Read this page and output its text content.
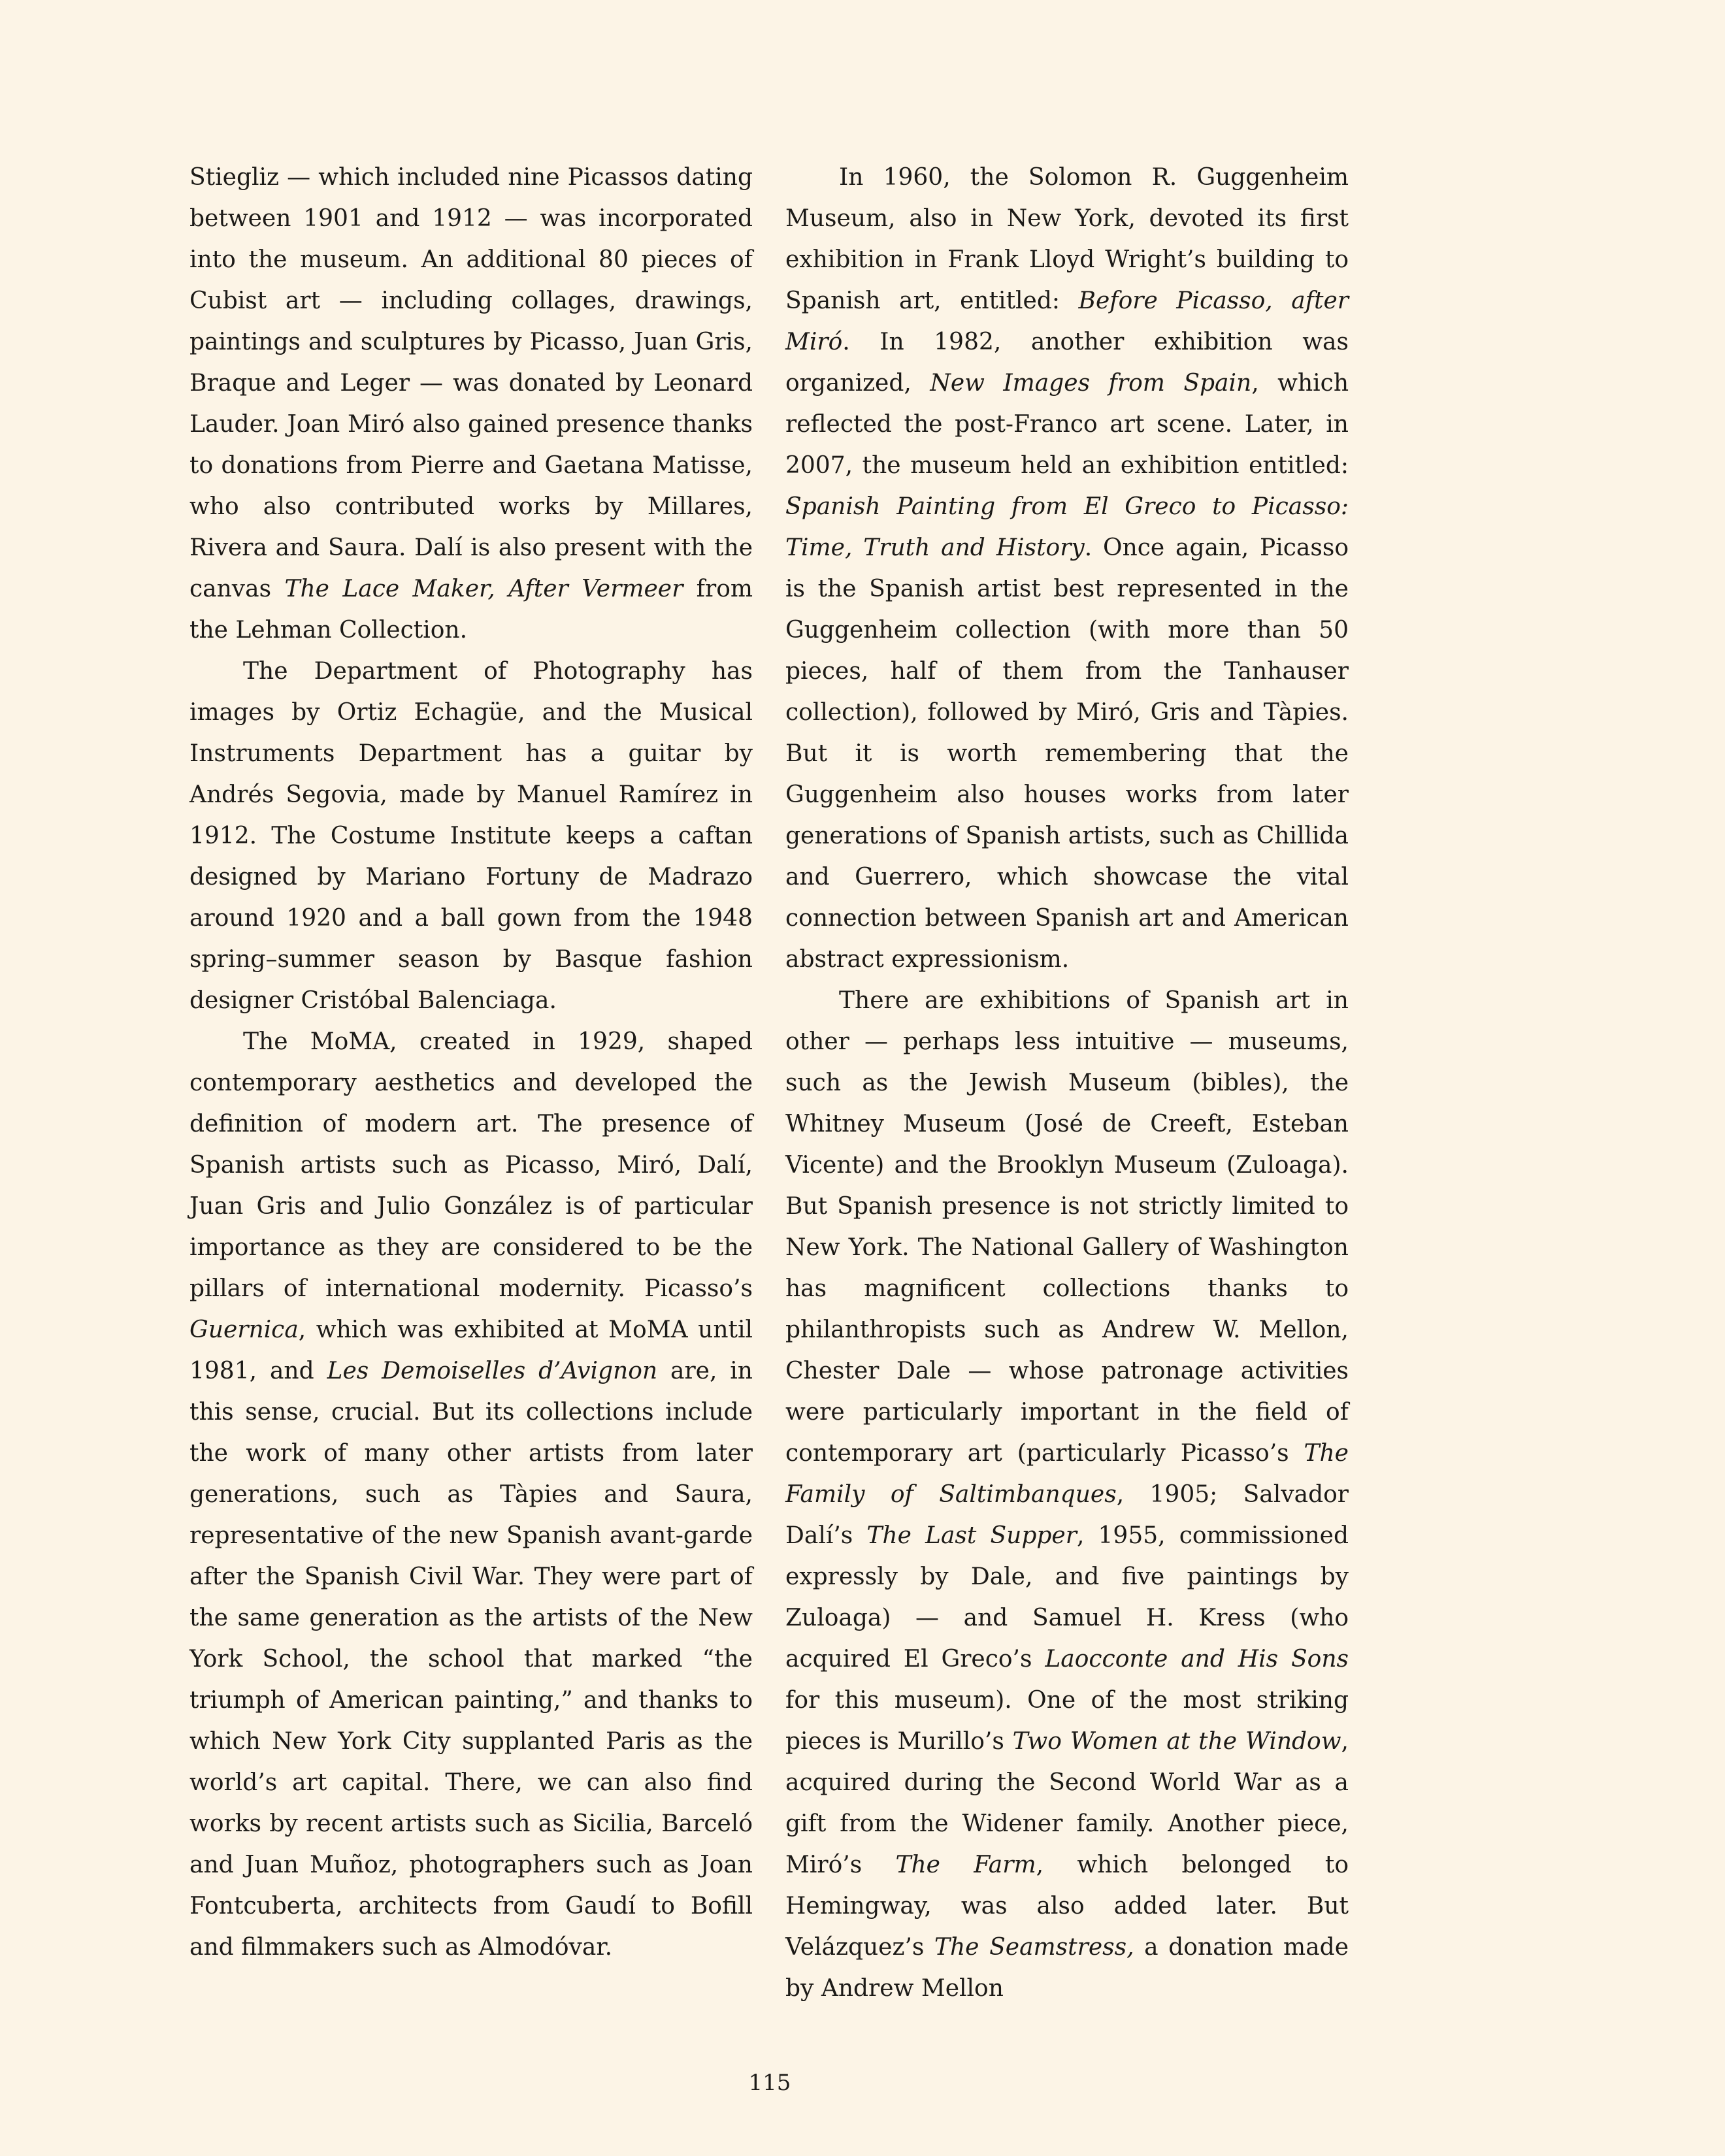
Stiegliz — which included nine Picassos dating between 1901 and 1912 — was incorporated into the museum. An additional 80 pieces of Cubist art — including collages, drawings, paintings and sculptures by Picasso, Juan Gris, Braque and Leger — was donated by Leonard Lauder. Joan Miró also gained presence thanks to donations from Pierre and Gaetana Matisse, who also contributed works by Millares, Rivera and Saura. Dalí is also present with the canvas The Lace Maker, After Vermeer from the Lehman Collection.

The Department of Photography has images by Ortiz Echagüe, and the Musical Instruments Department has a guitar by Andrés Segovia, made by Manuel Ramírez in 1912. The Costume Institute keeps a caftan designed by Mariano Fortuny de Madrazo around 1920 and a ball gown from the 1948 spring–summer season by Basque fashion designer Cristóbal Balenciaga.

The MoMA, created in 1929, shaped contemporary aesthetics and developed the definition of modern art. The presence of Spanish artists such as Picasso, Miró, Dalí, Juan Gris and Julio González is of particular importance as they are considered to be the pillars of international modernity. Picasso’s Guernica, which was exhibited at MoMA until 1981, and Les Demoiselles d’Avignon are, in this sense, crucial. But its collections include the work of many other artists from later generations, such as Tàpies and Saura, representative of the new Spanish avant-garde after the Spanish Civil War. They were part of the same generation as the artists of the New York School, the school that marked “the triumph of American painting,” and thanks to which New York City supplanted Paris as the world’s art capital. There, we can also find works by recent artists such as Sicilia, Barceló and Juan Muñoz, photographers such as Joan Fontcuberta, architects from Gaudí to Bofill and filmmakers such as Almodóvar.

In 1960, the Solomon R. Guggenheim Museum, also in New York, devoted its first exhibition in Frank Lloyd Wright’s building to Spanish art, entitled: Before Picasso, after Miró. In 1982, another exhibition was organized, New Images from Spain, which reflected the post-Franco art scene. Later, in 2007, the museum held an exhibition entitled: Spanish Painting from El Greco to Picasso: Time, Truth and History. Once again, Picasso is the Spanish artist best represented in the Guggenheim collection (with more than 50 pieces, half of them from the Tanhauser collection), followed by Miró, Gris and Tàpies. But it is worth remembering that the Guggenheim also houses works from later generations of Spanish artists, such as Chillida and Guerrero, which showcase the vital connection between Spanish art and American abstract expressionism.

There are exhibitions of Spanish art in other — perhaps less intuitive — museums, such as the Jewish Museum (bibles), the Whitney Museum (José de Creeft, Esteban Vicente) and the Brooklyn Museum (Zuloaga). But Spanish presence is not strictly limited to New York. The National Gallery of Washington has magnificent collections thanks to philanthropists such as Andrew W. Mellon, Chester Dale — whose patronage activities were particularly important in the field of contemporary art (particularly Picasso’s The Family of Saltimbanques, 1905; Salvador Dalí’s The Last Supper, 1955, commissioned expressly by Dale, and five paintings by Zuloaga) — and Samuel H. Kress (who acquired El Greco’s Laocconte and His Sons for this museum). One of the most striking pieces is Murillo’s Two Women at the Window, acquired during the Second World War as a gift from the Widener family. Another piece, Miró’s The Farm, which belonged to Hemingway, was also added later. But Velázquez’s The Seamstress, a donation made by Andrew Mellon

115
